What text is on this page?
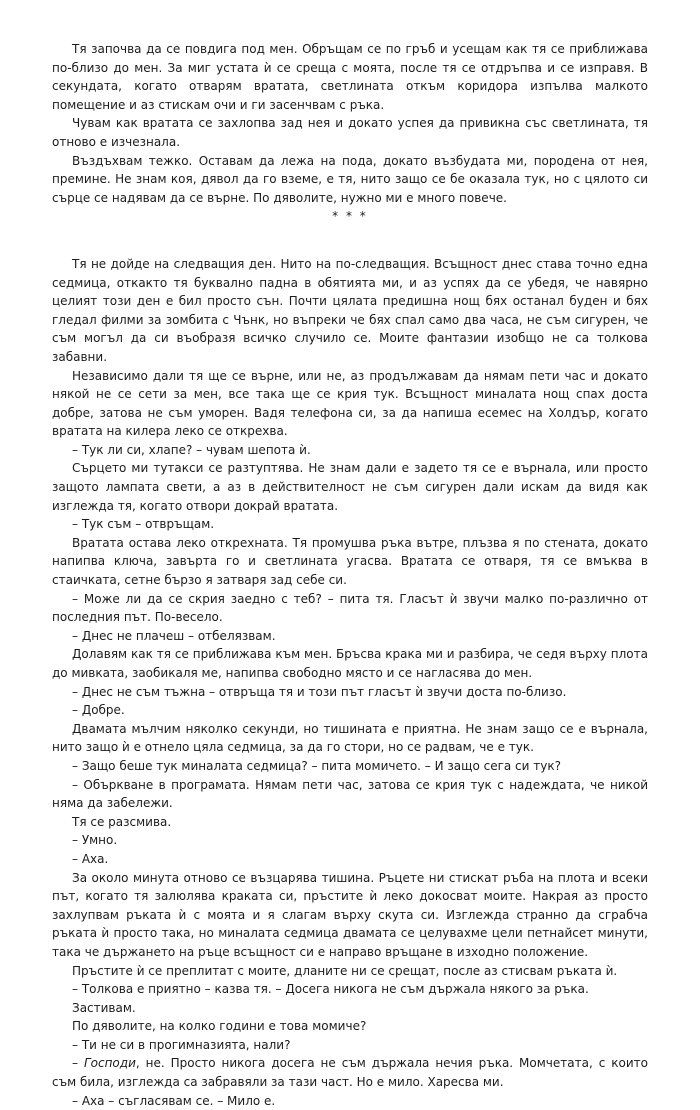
Тя започва да се повдига под мен. Обръщам се по гръб и усещам как тя се приближава по-близо до мен. За миг устата ѝ се среща с моята, после тя се отдръпва и се изправя. В секундата, когато отварям вратата, светлината откъм коридора изпълва малкото помещение и аз стискам очи и ги засенчвам с ръка.

Чувам как вратата се захлопва зад нея и докато успея да привикна със светлината, тя отново е изчезнала.

Въздъхвам тежко. Оставам да лежа на пода, докато възбудата ми, породена от нея, премине. Не знам коя, дявол да го вземе, е тя, нито защо се бе оказала тук, но с цялото си сърце се надявам да се върне. По дяволите, нужно ми е много повече.

* * *

Тя не дойде на следващия ден. Нито на по-следващия. Всъщност днес става точно една седмица, откакто тя буквално падна в обятията ми, и аз успях да се убедя, че навярно целият този ден е бил просто сън. Почти цялата предишна нощ бях останал буден и бях гледал филми за зомбита с Чънк, но въпреки че бях спал само два часа, не съм сигурен, че съм могъл да си въобразя всичко случило се. Моите фантазии изобщо не са толкова забавни.

Независимо дали тя ще се върне, или не, аз продължавам да нямам пети час и докато някой не се сети за мен, все така ще се крия тук. Всъщност миналата нощ спах доста добре, затова не съм уморен. Вадя телефона си, за да напиша есемес на Холдър, когато вратата на килера леко се открехва.

– Тук ли си, хлапе? – чувам шепота ѝ.

Сърцето ми тутакси се разтуптява. Не знам дали е задето тя се е върнала, или просто защото лампата свети, а аз в действителност не съм сигурен дали искам да видя как изглежда тя, когато отвори докрай вратата.

– Тук съм – отвръщам.

Вратата остава леко открехната. Тя промушва ръка вътре, плъзва я по стената, докато напипва ключа, завърта го и светлината угасва. Вратата се отваря, тя се вмъква в стаичката, сетне бързо я затваря зад себе си.

– Може ли да се скрия заедно с теб? – пита тя. Гласът ѝ звучи малко по-различно от последния път. По-весело.

– Днес не плачеш – отбелязвам.

Долавям как тя се приближава към мен. Бръсва крака ми и разбира, че седя върху плота до мивката, заобикаля ме, напипва свободно място и се нагласява до мен.

– Днес не съм тъжна – отвръща тя и този път гласът ѝ звучи доста по-близо.

– Добре.

Двамата мълчим няколко секунди, но тишината е приятна. Не знам защо се е върнала, нито защо ѝ е отнело цяла седмица, за да го стори, но се радвам, че е тук.

– Защо беше тук миналата седмица? – пита момичето. – И защо сега си тук?

– Объркване в програмата. Нямам пети час, затова се крия тук с надеждата, че никой няма да забележи.

Тя се разсмива.

– Умно.

– Аха.

За около минута отново се възцарява тишина. Ръцете ни стискат ръба на плота и всеки път, когато тя залюлява краката си, пръстите ѝ леко докосват моите. Накрая аз просто захлупвам ръката ѝ с моята и я слагам върху скута си. Изглежда странно да сграбча ръката ѝ просто така, но миналата седмица двамата се целувахме цели петнайсет минути, така че държането на ръце всъщност си е направо връщане в изходно положение.

Пръстите ѝ се преплитат с моите, дланите ни се срещат, после аз стисвам ръката ѝ.

– Толкова е приятно – казва тя. – Досега никога не съм държала някого за ръка.

Застивам.

По дяволите, на колко години е това момиче?

– Ти не си в прогимназията, нали?

– Господи, не. Просто никога досега не съм държала нечия ръка. Момчетата, с които съм била, изглежда са забравяли за тази част. Но е мило. Харесва ми.

– Аха – съгласявам се. – Мило е.
